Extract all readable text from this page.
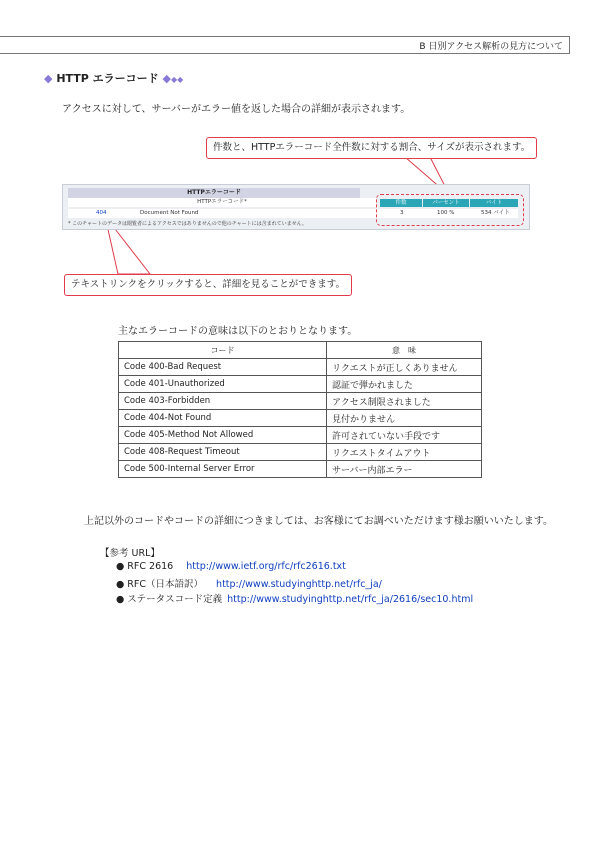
B 日別アクセス解析の見方について
◆ HTTP エラーコード ◆◆◆
アクセスに対して、サーバーがエラー値を返した場合の詳細が表示されます。
HTTPエラーコード
HTTPエラーコード*	件数	パーセント	バイト
404	Document Not Found	3	100 %	534 バイト
* このチャートのデータは閲覧者によるアクセスではありませんので他のチャートには含まれていません。
件数と、HTTPエラーコード全件数に対する割合、サイズが表示されます。
テキストリンクをクリックすると、詳細を見ることができます。
主なエラーコードの意味は以下のとおりとなります。
コード	意　味
Code 400-Bad Request	リクエストが正しくありません
Code 401-Unauthorized	認証で弾かれました
Code 403-Forbidden	アクセス制限されました
Code 404-Not Found	見付かりません
Code 405-Method Not Allowed	許可されていない手段です
Code 408-Request Timeout	リクエストタイムアウト
Code 500-Internal Server Error	サーバー内部エラー
上記以外のコードやコードの詳細につきましては、お客様にてお調べいただけます様お願いいたします。
【参考 URL】
● RFC 2616 http://www.ietf.org/rfc/rfc2616.txt
● RFC（日本語訳） http://www.studyinghttp.net/rfc_ja/
● ステータスコード定義 http://www.studyinghttp.net/rfc_ja/2616/sec10.html
